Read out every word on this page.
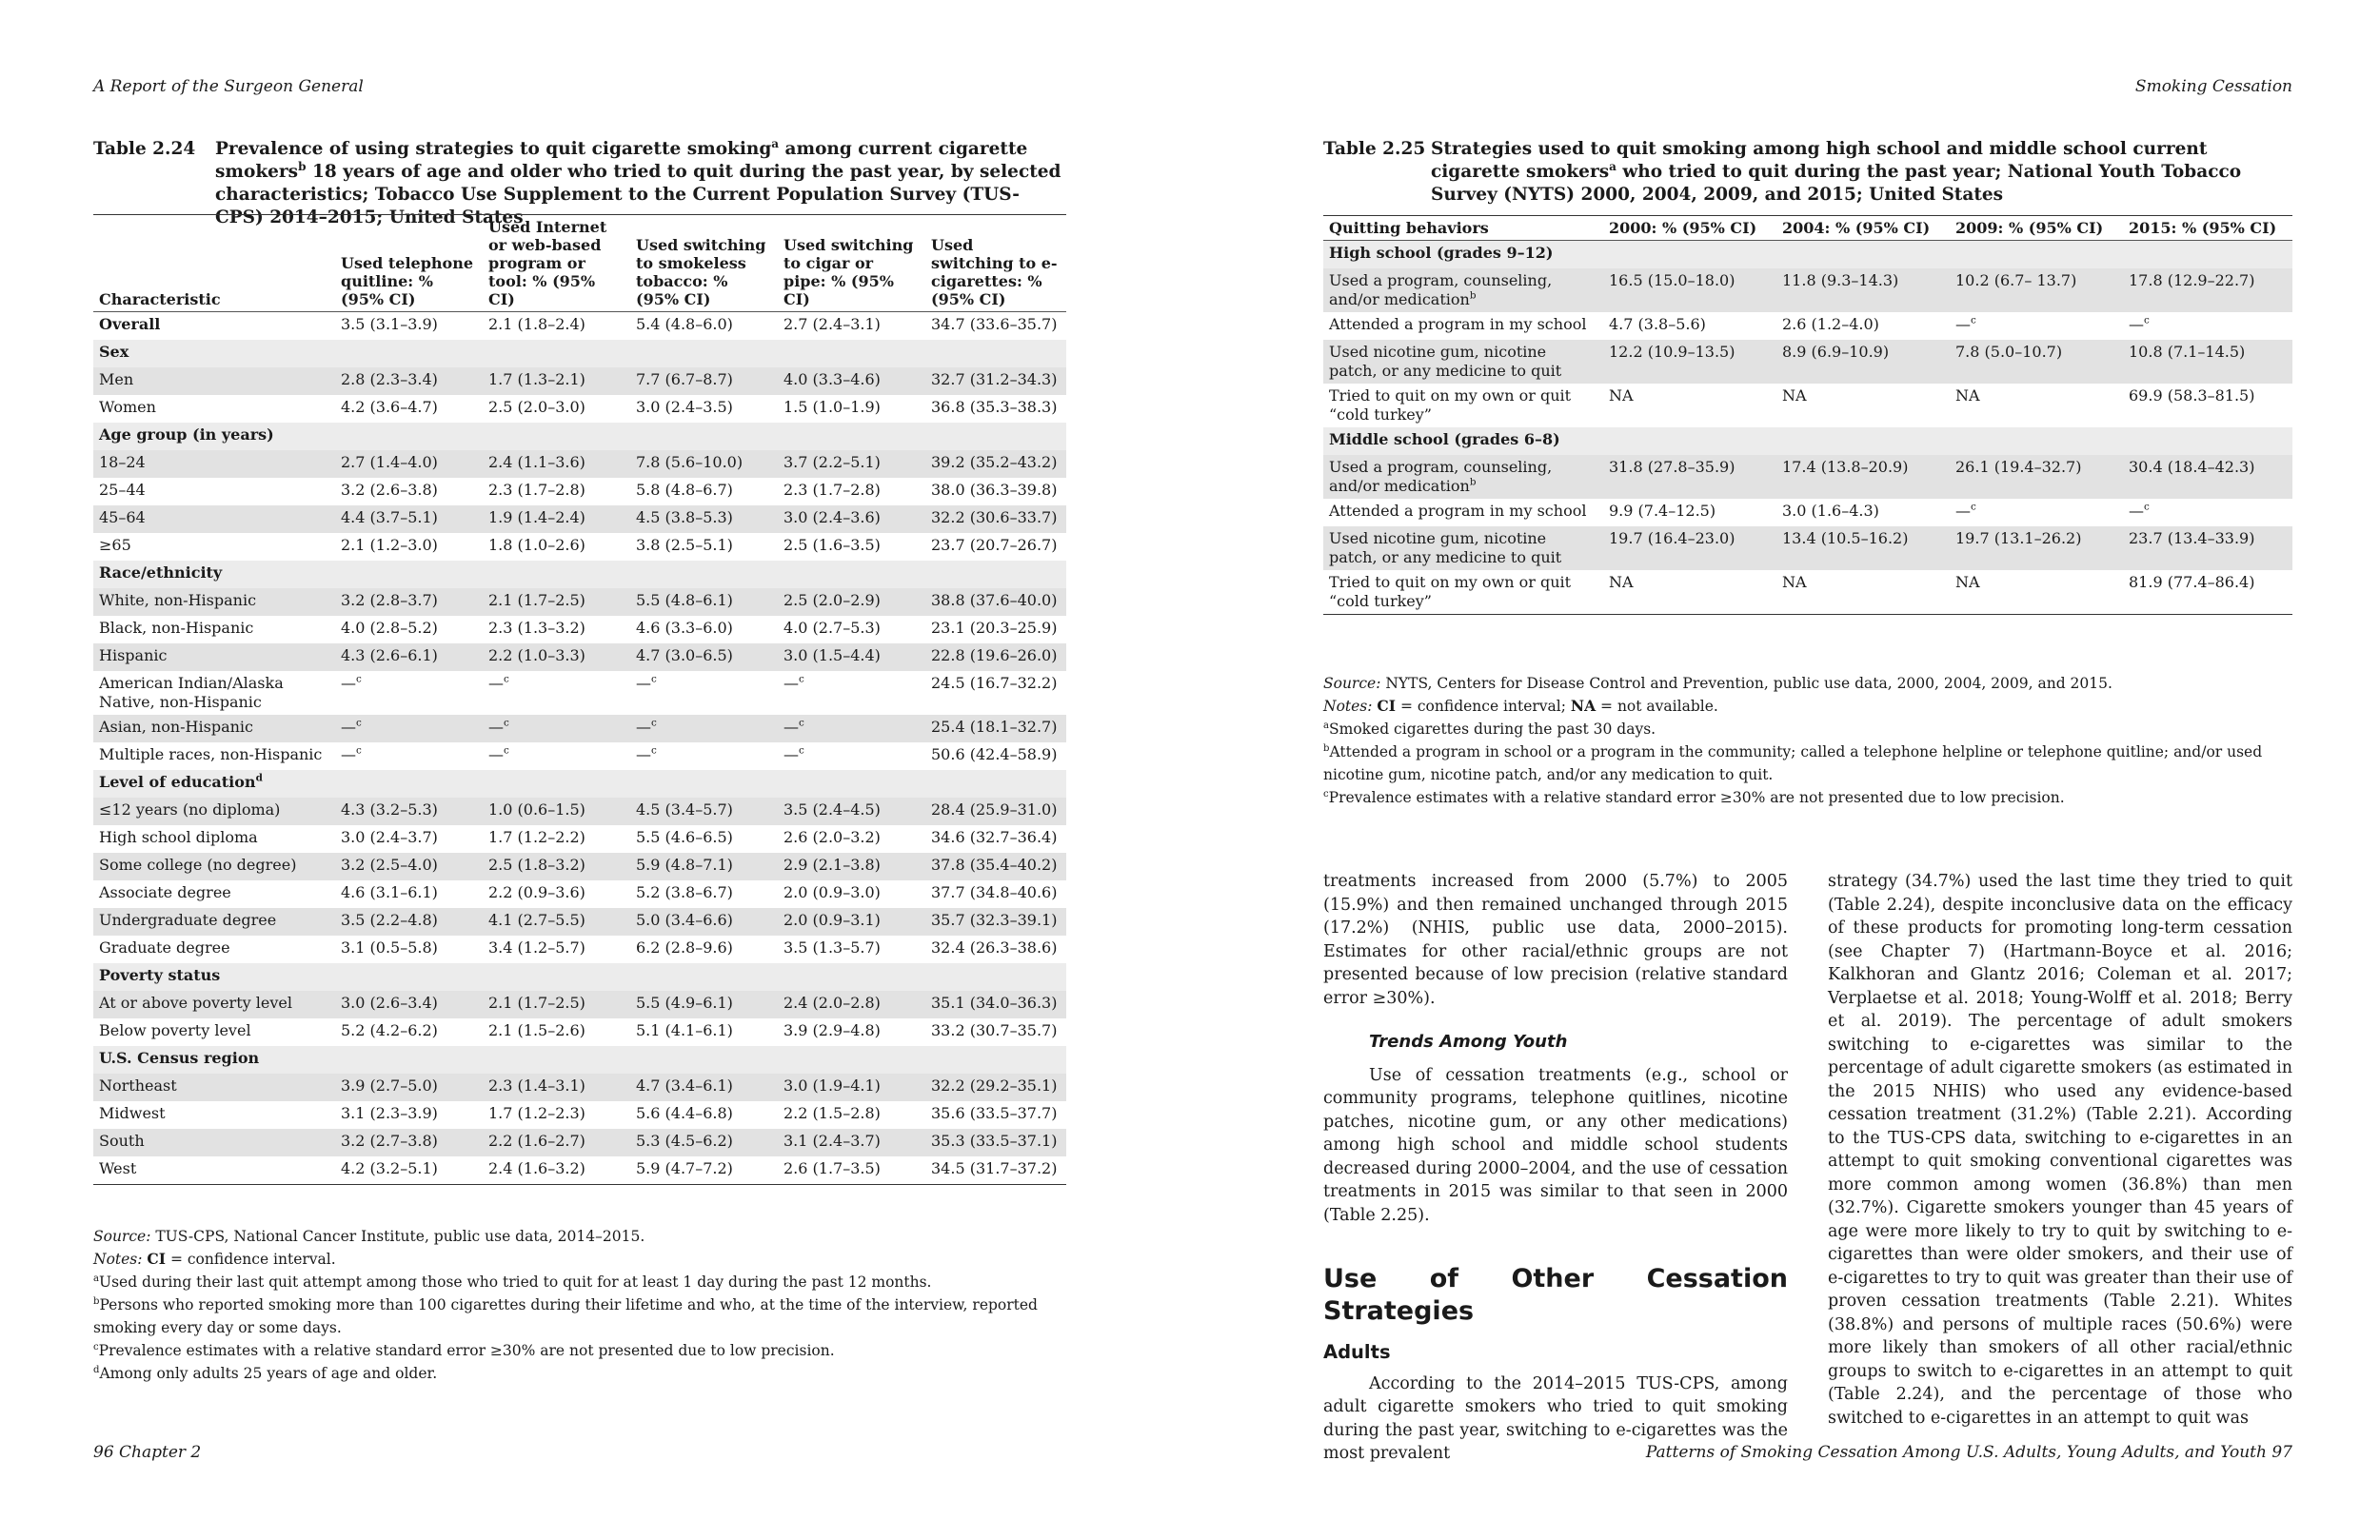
A Report of the Surgeon General
Table 2.24 Prevalence of using strategies to quit cigarette smoking$^a$ among current cigarette smokers$^b$ 18 years of age and older who tried to quit during the past year, by selected characteristics; Tobacco Use Supplement to the Current Population Survey (TUS-CPS) 2014–2015; United States
Characteristic	Used telephone quitline: % (95% CI)	Used Internet or web-based program or tool: % (95% CI)	Used switching to smokeless tobacco: % (95% CI)	Used switching to cigar or pipe: % (95% CI)	Used switching to e-cigarettes: % (95% CI)
Overall	3.5 (3.1–3.9)	2.1 (1.8–2.4)	5.4 (4.8–6.0)	2.7 (2.4–3.1)	34.7 (33.6–35.7)
Sex					
Men	2.8 (2.3–3.4)	1.7 (1.3–2.1)	7.7 (6.7–8.7)	4.0 (3.3–4.6)	32.7 (31.2–34.3)
Women	4.2 (3.6–4.7)	2.5 (2.0–3.0)	3.0 (2.4–3.5)	1.5 (1.0–1.9)	36.8 (35.3–38.3)
Age group (in years)					
18–24	2.7 (1.4–4.0)	2.4 (1.1–3.6)	7.8 (5.6–10.0)	3.7 (2.2–5.1)	39.2 (35.2–43.2)
25–44	3.2 (2.6–3.8)	2.3 (1.7–2.8)	5.8 (4.8–6.7)	2.3 (1.7–2.8)	38.0 (36.3–39.8)
45–64	4.4 (3.7–5.1)	1.9 (1.4–2.4)	4.5 (3.8–5.3)	3.0 (2.4–3.6)	32.2 (30.6–33.7)
≥65	2.1 (1.2–3.0)	1.8 (1.0–2.6)	3.8 (2.5–5.1)	2.5 (1.6–3.5)	23.7 (20.7–26.7)
Race/ethnicity					
White, non-Hispanic	3.2 (2.8–3.7)	2.1 (1.7–2.5)	5.5 (4.8–6.1)	2.5 (2.0–2.9)	38.8 (37.6–40.0)
Black, non-Hispanic	4.0 (2.8–5.2)	2.3 (1.3–3.2)	4.6 (3.3–6.0)	4.0 (2.7–5.3)	23.1 (20.3–25.9)
Hispanic	4.3 (2.6–6.1)	2.2 (1.0–3.3)	4.7 (3.0–6.5)	3.0 (1.5–4.4)	22.8 (19.6–26.0)
American Indian/Alaska Native, non-Hispanic	—$^c$	—$^c$	—$^c$	—$^c$	24.5 (16.7–32.2)
Asian, non-Hispanic	—$^c$	—$^c$	—$^c$	—$^c$	25.4 (18.1–32.7)
Multiple races, non-Hispanic	—$^c$	—$^c$	—$^c$	—$^c$	50.6 (42.4–58.9)
Level of education$^d$
≤12 years (no diploma)	4.3 (3.2–5.3)	1.0 (0.6–1.5)	4.5 (3.4–5.7)	3.5 (2.4–4.5)	28.4 (25.9–31.0)
High school diploma	3.0 (2.4–3.7)	1.7 (1.2–2.2)	5.5 (4.6–6.5)	2.6 (2.0–3.2)	34.6 (32.7–36.4)
Some college (no degree)	3.2 (2.5–4.0)	2.5 (1.8–3.2)	5.9 (4.8–7.1)	2.9 (2.1–3.8)	37.8 (35.4–40.2)
Associate degree	4.6 (3.1–6.1)	2.2 (0.9–3.6)	5.2 (3.8–6.7)	2.0 (0.9–3.0)	37.7 (34.8–40.6)
Undergraduate degree	3.5 (2.2–4.8)	4.1 (2.7–5.5)	5.0 (3.4–6.6)	2.0 (0.9–3.1)	35.7 (32.3–39.1)
Graduate degree	3.1 (0.5–5.8)	3.4 (1.2–5.7)	6.2 (2.8–9.6)	3.5 (1.3–5.7)	32.4 (26.3–38.6)
Poverty status					
At or above poverty level	3.0 (2.6–3.4)	2.1 (1.7–2.5)	5.5 (4.9–6.1)	2.4 (2.0–2.8)	35.1 (34.0–36.3)
Below poverty level	5.2 (4.2–6.2)	2.1 (1.5–2.6)	5.1 (4.1–6.1)	3.9 (2.9–4.8)	33.2 (30.7–35.7)
U.S. Census region					
Northeast	3.9 (2.7–5.0)	2.3 (1.4–3.1)	4.7 (3.4–6.1)	3.0 (1.9–4.1)	32.2 (29.2–35.1)
Midwest	3.1 (2.3–3.9)	1.7 (1.2–2.3)	5.6 (4.4–6.8)	2.2 (1.5–2.8)	35.6 (33.5–37.7)
South	3.2 (2.7–3.8)	2.2 (1.6–2.7)	5.3 (4.5–6.2)	3.1 (2.4–3.7)	35.3 (33.5–37.1)
West	4.2 (3.2–5.1)	2.4 (1.6–3.2)	5.9 (4.7–7.2)	2.6 (1.7–3.5)	34.5 (31.7–37.2)

Source: TUS-CPS, National Cancer Institute, public use data, 2014–2015.

Notes: CI = confidence interval.

$^a$Used during their last quit attempt among those who tried to quit for at least 1 day during the past 12 months.

$^b$Persons who reported smoking more than 100 cigarettes during their lifetime and who, at the time of the interview, reported smoking every day or some days.

$^c$Prevalence estimates with a relative standard error ≥30% are not presented due to low precision.

$^d$Among only adults 25 years of age and older.

96 Chapter 2
Smoking Cessation
Table 2.25 Strategies used to quit smoking among high school and middle school current cigarette smokers$^a$ who tried to quit during the past year; National Youth Tobacco Survey (NYTS) 2000, 2004, 2009, and 2015; United States
Quitting behaviors	2000: % (95% CI)	2004: % (95% CI)	2009: % (95% CI)	2015: % (95% CI)
High school (grades 9–12)				
Used a program, counseling, and/or medication$^b$	16.5 (15.0–18.0)	11.8 (9.3–14.3)	10.2 (6.7– 13.7)	17.8 (12.9–22.7)
Attended a program in my school	4.7 (3.8–5.6)	2.6 (1.2–4.0)	—$^c$	—$^c$
Used nicotine gum, nicotine patch, or any medicine to quit	12.2 (10.9–13.5)	8.9 (6.9–10.9)	7.8 (5.0–10.7)	10.8 (7.1–14.5)
Tried to quit on my own or quit “cold turkey”	NA	NA	NA	69.9 (58.3–81.5)
Middle school (grades 6–8)				
Used a program, counseling, and/or medication$^b$	31.8 (27.8–35.9)	17.4 (13.8–20.9)	26.1 (19.4–32.7)	30.4 (18.4–42.3)
Attended a program in my school	9.9 (7.4–12.5)	3.0 (1.6–4.3)	—$^c$	—$^c$
Used nicotine gum, nicotine patch, or any medicine to quit	19.7 (16.4–23.0)	13.4 (10.5–16.2)	19.7 (13.1–26.2)	23.7 (13.4–33.9)
Tried to quit on my own or quit “cold turkey”	NA	NA	NA	81.9 (77.4–86.4)

Source: NYTS, Centers for Disease Control and Prevention, public use data, 2000, 2004, 2009, and 2015.

Notes: CI = confidence interval; NA = not available.

$^a$Smoked cigarettes during the past 30 days.

$^b$Attended a program in school or a program in the community; called a telephone helpline or telephone quitline; and/or used nicotine gum, nicotine patch, and/or any medication to quit.

$^c$Prevalence estimates with a relative standard error ≥30% are not presented due to low precision.

treatments increased from 2000 (5.7%) to 2005 (15.9%) and then remained unchanged through 2015 (17.2%) (NHIS, public use data, 2000–2015). Estimates for other racial/ethnic groups are not presented because of low precision (relative standard error ≥30%).

Trends Among Youth

Use of cessation treatments (e.g., school or community programs, telephone quitlines, nicotine patches, nicotine gum, or any other medications) among high school and middle school students decreased during 2000–2004, and the use of cessation treatments in 2015 was similar to that seen in 2000 (Table 2.25).

Use of Other Cessation Strategies

Adults

According to the 2014–2015 TUS-CPS, among adult cigarette smokers who tried to quit smoking during the past year, switching to e-cigarettes was the most prevalent

strategy (34.7%) used the last time they tried to quit (Table 2.24), despite inconclusive data on the efficacy of these products for promoting long-term cessation (see Chapter 7) (Hartmann-Boyce et al. 2016; Kalkhoran and Glantz 2016; Coleman et al. 2017; Verplaetse et al. 2018; Young-Wolff et al. 2018; Berry et al. 2019). The percentage of adult smokers switching to e-cigarettes was similar to the percentage of adult cigarette smokers (as estimated in the 2015 NHIS) who used any evidence-based cessation treatment (31.2%) (Table 2.21). According to the TUS-CPS data, switching to e-cigarettes in an attempt to quit smoking conventional cigarettes was more common among women (36.8%) than men (32.7%). Cigarette smokers younger than 45 years of age were more likely to try to quit by switching to e-cigarettes than were older smokers, and their use of e-cigarettes to try to quit was greater than their use of proven cessation treatments (Table 2.21). Whites (38.8%) and persons of multiple races (50.6%) were more likely than smokers of all other racial/ethnic groups to switch to e-cigarettes in an attempt to quit (Table 2.24), and the percentage of those who switched to e-cigarettes in an attempt to quit was

Patterns of Smoking Cessation Among U.S. Adults, Young Adults, and Youth 97
